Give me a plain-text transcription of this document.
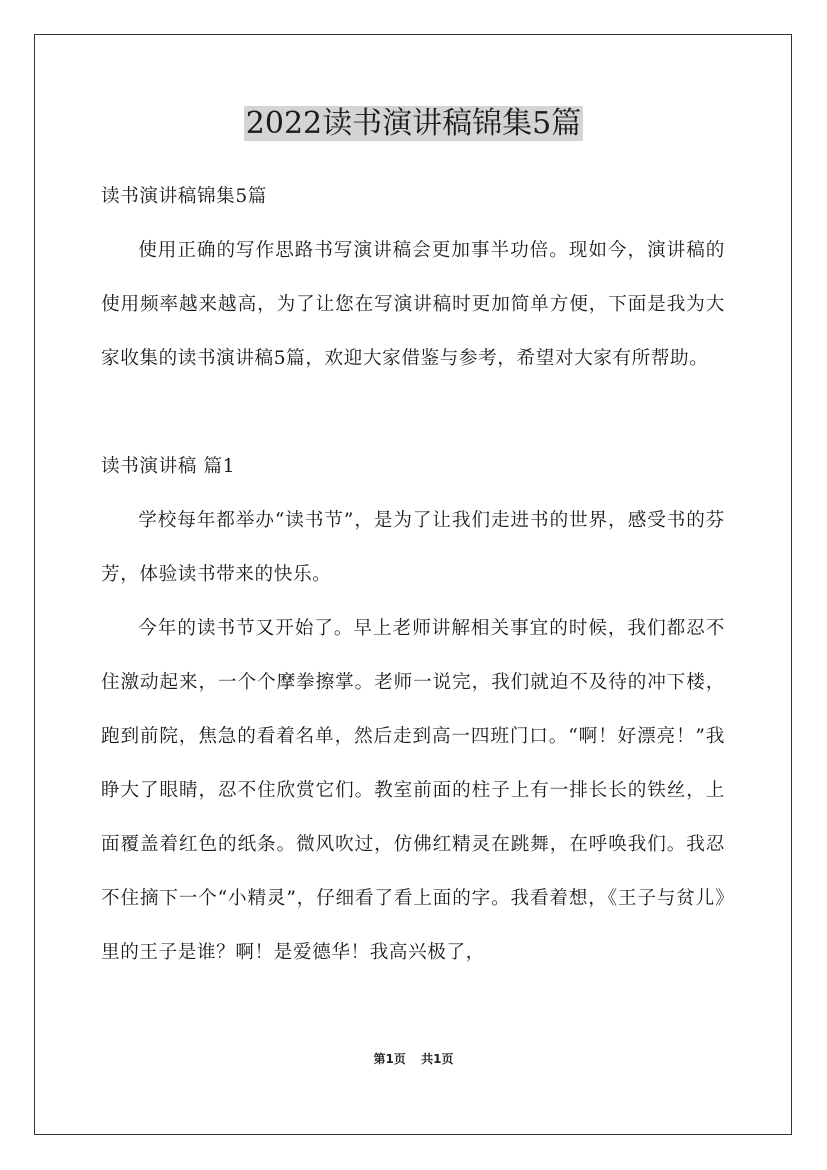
2022读书演讲稿锦集5篇

读书演讲稿锦集5篇

使用正确的写作思路书写演讲稿会更加事半功倍。现如今，演讲稿的使用频率越来越高，为了让您在写演讲稿时更加简单方便，下面是我为大家收集的读书演讲稿5篇，欢迎大家借鉴与参考，希望对大家有所帮助。

读书演讲稿 篇1

学校每年都举办“读书节”，是为了让我们走进书的世界，感受书的芬芳，体验读书带来的快乐。

今年的读书节又开始了。早上老师讲解相关事宜的时候，我们都忍不住激动起来，一个个摩拳擦掌。老师一说完，我们就迫不及待的冲下楼，跑到前院，焦急的看着名单，然后走到高一四班门口。“啊！好漂亮！”我睁大了眼睛，忍不住欣赏它们。教室前面的柱子上有一排长长的铁丝，上面覆盖着红色的纸条。微风吹过，仿佛红精灵在跳舞，在呼唤我们。我忍不住摘下一个“小精灵”，仔细看了看上面的字。我看着想，《王子与贫儿》里的王子是谁？啊！是爱德华！我高兴极了，

第1页 共1页
